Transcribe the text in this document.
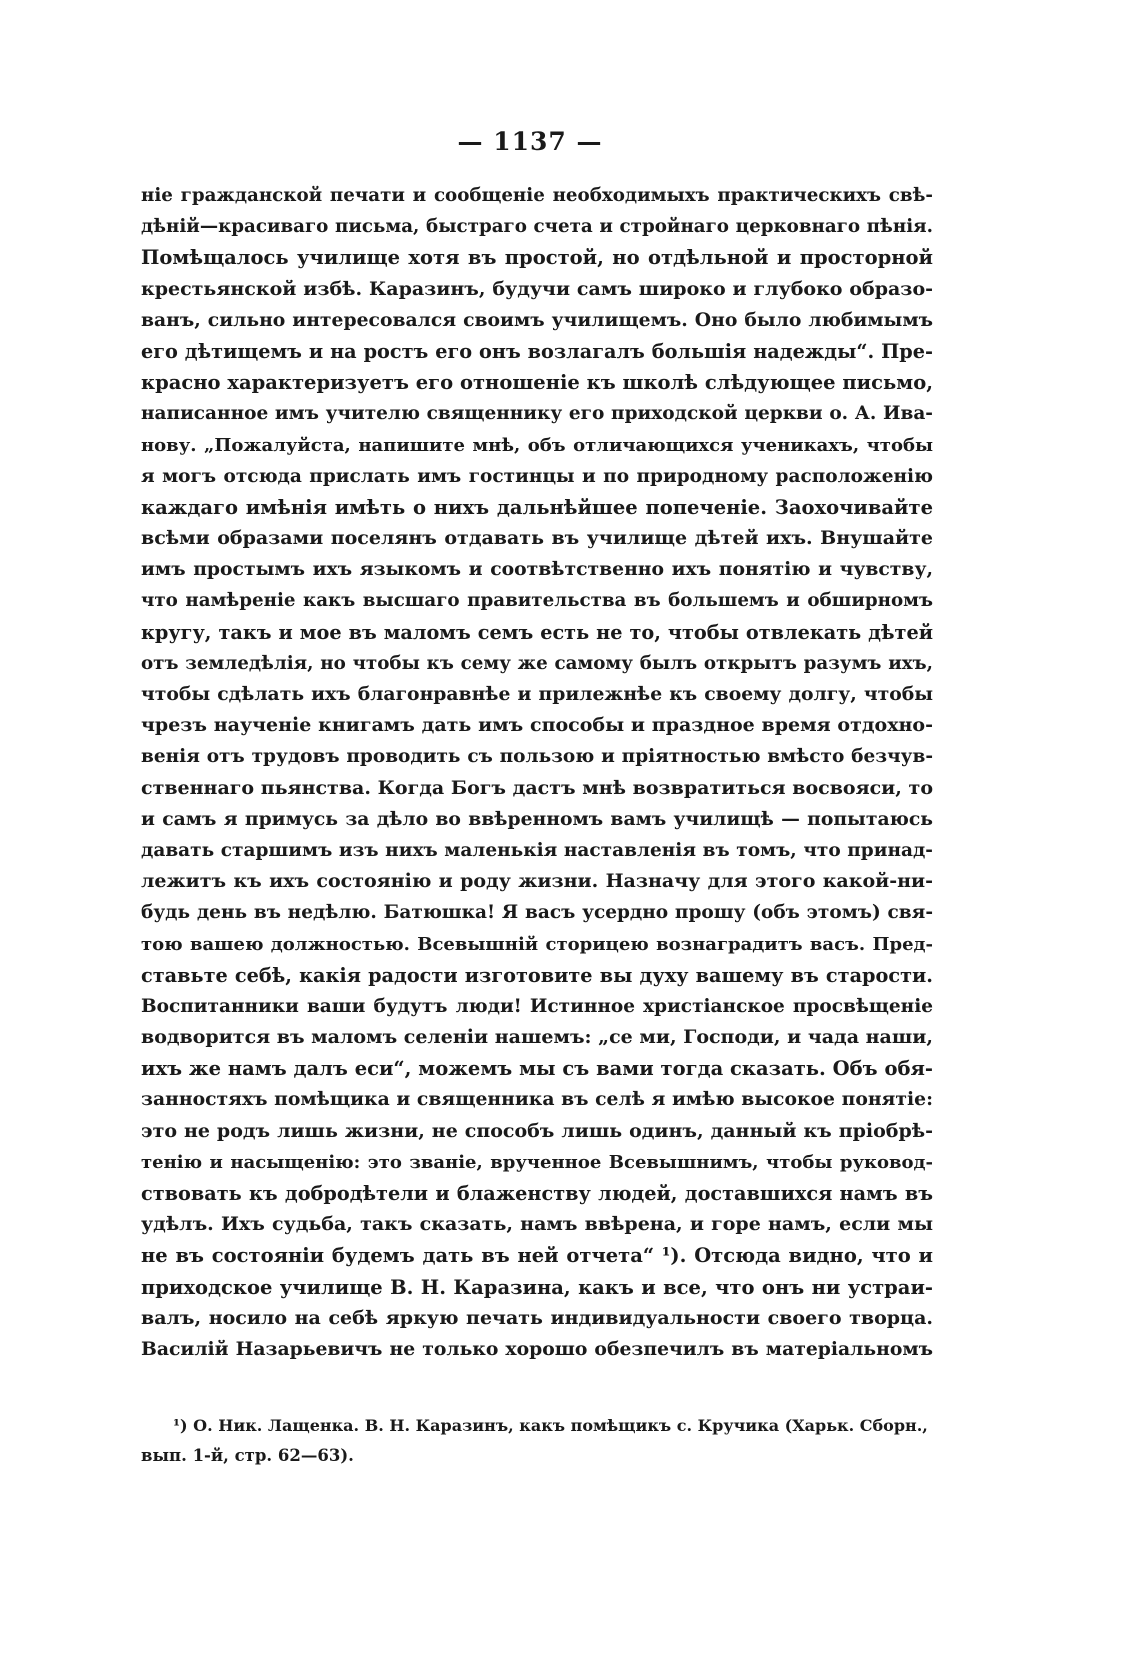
— 1137 —
ніе гражданской печати и сообщеніе необходимыхъ практическихъ свѣ-
дѣній—красиваго письма, быстраго счета и стройнаго церковнаго пѣнія.
Помѣщалось училище хотя въ простой, но отдѣльной и просторной
крестьянской избѣ. Каразинъ, будучи самъ широко и глубоко образо-
ванъ, сильно интересовался своимъ училищемъ. Оно было любимымъ
его дѣтищемъ и на ростъ его онъ возлагалъ большія надежды“. Пре-
красно характеризуетъ его отношеніе къ школѣ слѣдующее письмо,
написанное имъ учителю священнику его приходской церкви о. А. Ива-
нову. „Пожалуйста, напишите мнѣ, объ отличающихся ученикахъ, чтобы
я могъ отсюда прислать имъ гостинцы и по природному расположенію
каждаго имѣнія имѣть о нихъ дальнѣйшее попеченіе. Заохочивайте
всѣми образами поселянъ отдавать въ училище дѣтей ихъ. Внушайте
имъ простымъ ихъ языкомъ и соотвѣтственно ихъ понятію и чувству,
что намѣреніе какъ высшаго правительства въ большемъ и обширномъ
кругу, такъ и мое въ маломъ семъ есть не то, чтобы отвлекать дѣтей
отъ земледѣлія, но чтобы къ сему же самому былъ открытъ разумъ ихъ,
чтобы сдѣлать ихъ благонравнѣе и прилежнѣе къ своему долгу, чтобы
чрезъ наученіе книгамъ дать имъ способы и праздное время отдохно-
венія отъ трудовъ проводить съ пользою и пріятностью вмѣсто безчув-
ственнаго пьянства. Когда Богъ дастъ мнѣ возвратиться восвояси, то
и самъ я примусь за дѣло во ввѣренномъ вамъ училищѣ — попытаюсь
давать старшимъ изъ нихъ маленькія наставленія въ томъ, что принад-
лежитъ къ ихъ состоянію и роду жизни. Назначу для этого какой-ни-
будь день въ недѣлю. Батюшка! Я васъ усердно прошу (объ этомъ) свя-
тою вашею должностью. Всевышній сторицею вознаградитъ васъ. Пред-
ставьте себѣ, какія радости изготовите вы духу вашему въ старости.
Воспитанники ваши будутъ люди! Истинное христіанское просвѣщеніе
водворится въ маломъ селеніи нашемъ: „се ми, Господи, и чада наши,
ихъ же намъ далъ еси“, можемъ мы съ вами тогда сказать. Объ обя-
занностяхъ помѣщика и священника въ селѣ я имѣю высокое понятіе:
это не родъ лишь жизни, не способъ лишь одинъ, данный къ пріобрѣ-
тенію и насыщенію: это званіе, врученное Всевышнимъ, чтобы руковод-
ствовать къ добродѣтели и блаженству людей, доставшихся намъ въ
удѣлъ. Ихъ судьба, такъ сказать, намъ ввѣрена, и горе намъ, если мы
не въ состояніи будемъ дать въ ней отчета“ ¹). Отсюда видно, что и
приходское училище В. Н. Каразина, какъ и все, что онъ ни устраи-
валъ, носило на себѣ яркую печать индивидуальности своего творца.
Василій Назарьевичъ не только хорошо обезпечилъ въ матеріальномъ
¹) О. Ник. Лащенка. В. Н. Каразинъ, какъ помѣщикъ с. Кручика (Харьк. Сборн.,
вып. 1-й, стр. 62—63).
